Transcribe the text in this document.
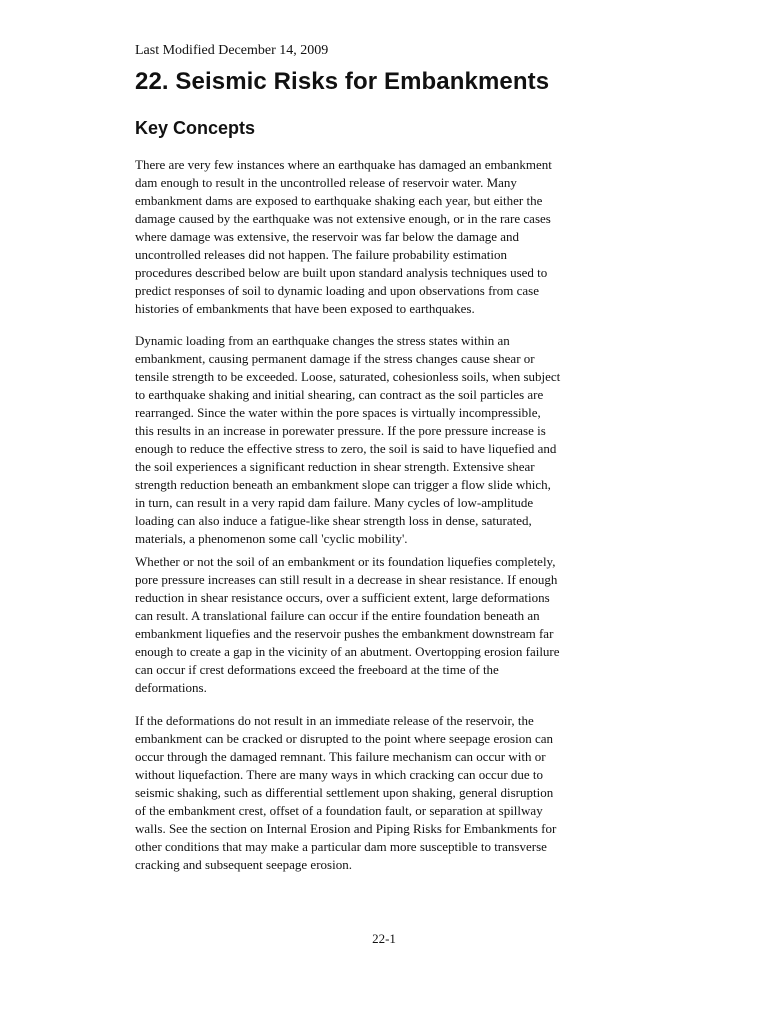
Last Modified December 14, 2009
22. Seismic Risks for Embankments
Key Concepts
There are very few instances where an earthquake has damaged an embankment
dam enough to result in the uncontrolled release of reservoir water. Many
embankment dams are exposed to earthquake shaking each year, but either the
damage caused by the earthquake was not extensive enough, or in the rare cases
where damage was extensive, the reservoir was far below the damage and
uncontrolled releases did not happen. The failure probability estimation
procedures described below are built upon standard analysis techniques used to
predict responses of soil to dynamic loading and upon observations from case
histories of embankments that have been exposed to earthquakes.
Dynamic loading from an earthquake changes the stress states within an
embankment, causing permanent damage if the stress changes cause shear or
tensile strength to be exceeded. Loose, saturated, cohesionless soils, when subject
to earthquake shaking and initial shearing, can contract as the soil particles are
rearranged. Since the water within the pore spaces is virtually incompressible,
this results in an increase in porewater pressure. If the pore pressure increase is
enough to reduce the effective stress to zero, the soil is said to have liquefied and
the soil experiences a significant reduction in shear strength. Extensive shear
strength reduction beneath an embankment slope can trigger a flow slide which,
in turn, can result in a very rapid dam failure. Many cycles of low-amplitude
loading can also induce a fatigue-like shear strength loss in dense, saturated,
materials, a phenomenon some call 'cyclic mobility'.
Whether or not the soil of an embankment or its foundation liquefies completely,
pore pressure increases can still result in a decrease in shear resistance. If enough
reduction in shear resistance occurs, over a sufficient extent, large deformations
can result. A translational failure can occur if the entire foundation beneath an
embankment liquefies and the reservoir pushes the embankment downstream far
enough to create a gap in the vicinity of an abutment. Overtopping erosion failure
can occur if crest deformations exceed the freeboard at the time of the
deformations.
If the deformations do not result in an immediate release of the reservoir, the
embankment can be cracked or disrupted to the point where seepage erosion can
occur through the damaged remnant. This failure mechanism can occur with or
without liquefaction. There are many ways in which cracking can occur due to
seismic shaking, such as differential settlement upon shaking, general disruption
of the embankment crest, offset of a foundation fault, or separation at spillway
walls. See the section on Internal Erosion and Piping Risks for Embankments for
other conditions that may make a particular dam more susceptible to transverse
cracking and subsequent seepage erosion.
22-1
